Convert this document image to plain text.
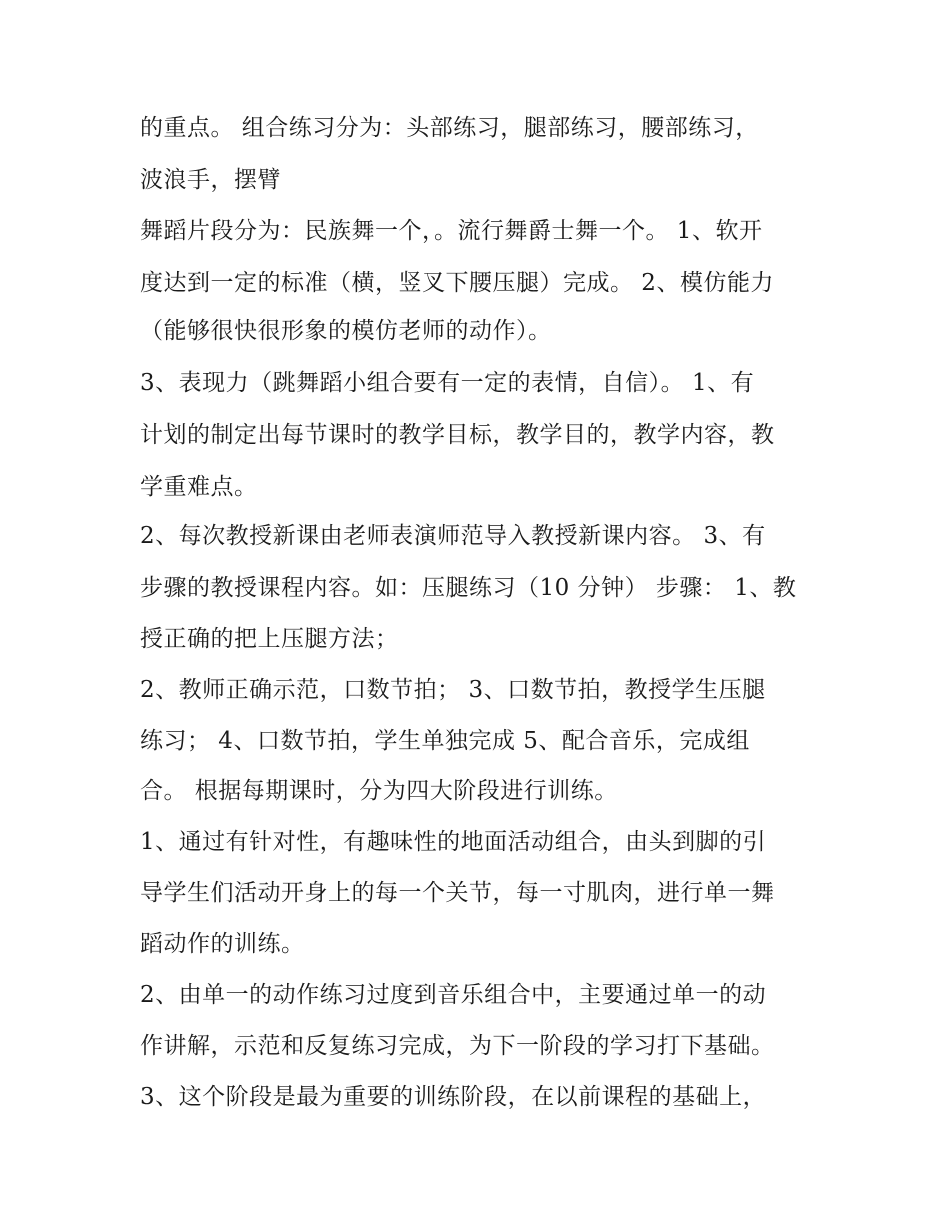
的重点。 组合练习分为：头部练习，腿部练习，腰部练习，
波浪手，摆臂
舞蹈片段分为：民族舞一个，。流行舞爵士舞一个。 1、软开
度达到一定的标准（横，竖叉下腰压腿）完成。 2、模仿能力
（能够很快很形象的模仿老师的动作）。
3、表现力（跳舞蹈小组合要有一定的表情，自信）。 1、有
计划的制定出每节课时的教学目标，教学目的，教学内容，教
学重难点。
2、每次教授新课由老师表演师范导入教授新课内容。 3、有
步骤的教授课程内容。如：压腿练习（10 分钟） 步骤： 1、教
授正确的把上压腿方法；
2、教师正确示范，口数节拍； 3、口数节拍，教授学生压腿
练习； 4、口数节拍，学生单独完成 5、配合音乐，完成组
合。 根据每期课时，分为四大阶段进行训练。
1、通过有针对性，有趣味性的地面活动组合，由头到脚的引
导学生们活动开身上的每一个关节，每一寸肌肉，进行单一舞
蹈动作的训练。
2、由单一的动作练习过度到音乐组合中，主要通过单一的动
作讲解，示范和反复练习完成，为下一阶段的学习打下基础。
3、这个阶段是最为重要的训练阶段，在以前课程的基础上，
